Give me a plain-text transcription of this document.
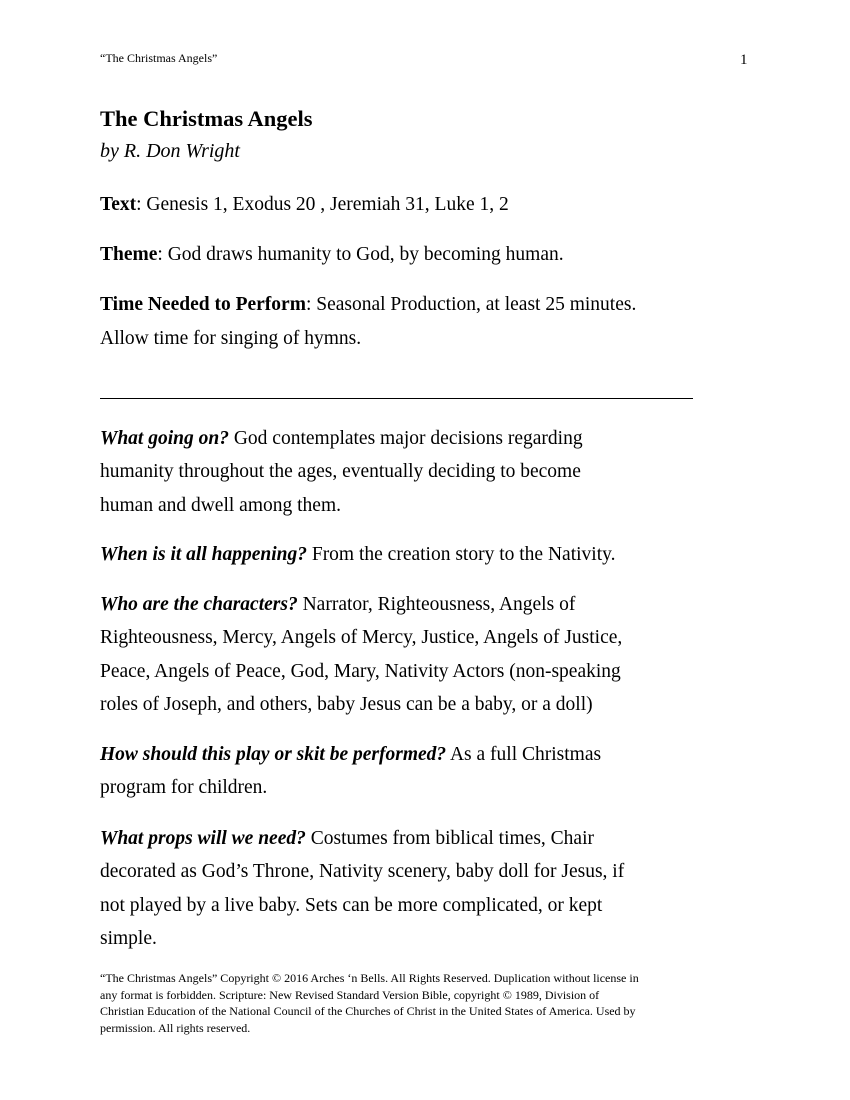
“The Christmas Angels”	1
The Christmas Angels
by R. Don Wright
Text: Genesis 1, Exodus 20 , Jeremiah 31, Luke 1, 2
Theme: God draws humanity to God, by becoming human.
Time Needed to Perform: Seasonal Production, at least 25 minutes.
Allow time for singing of hymns.
What going on? God contemplates major decisions regarding
humanity throughout the ages, eventually deciding to become
human and dwell among them.
When is it all happening? From the creation story to the Nativity.
Who are the characters? Narrator, Righteousness, Angels of
Righteousness, Mercy, Angels of Mercy, Justice, Angels of Justice,
Peace, Angels of Peace, God, Mary, Nativity Actors (non-speaking
roles of Joseph, and others, baby Jesus can be a baby, or a doll)
How should this play or skit be performed? As a full Christmas
program for children.
What props will we need? Costumes from biblical times, Chair
decorated as God’s Throne, Nativity scenery, baby doll for Jesus, if
not played by a live baby. Sets can be more complicated, or kept
simple.
“The Christmas Angels” Copyright © 2016 Arches ‘n Bells. All Rights Reserved. Duplication without license in
any format is forbidden. Scripture: New Revised Standard Version Bible, copyright © 1989, Division of
Christian Education of the National Council of the Churches of Christ in the United States of America. Used by
permission. All rights reserved.
